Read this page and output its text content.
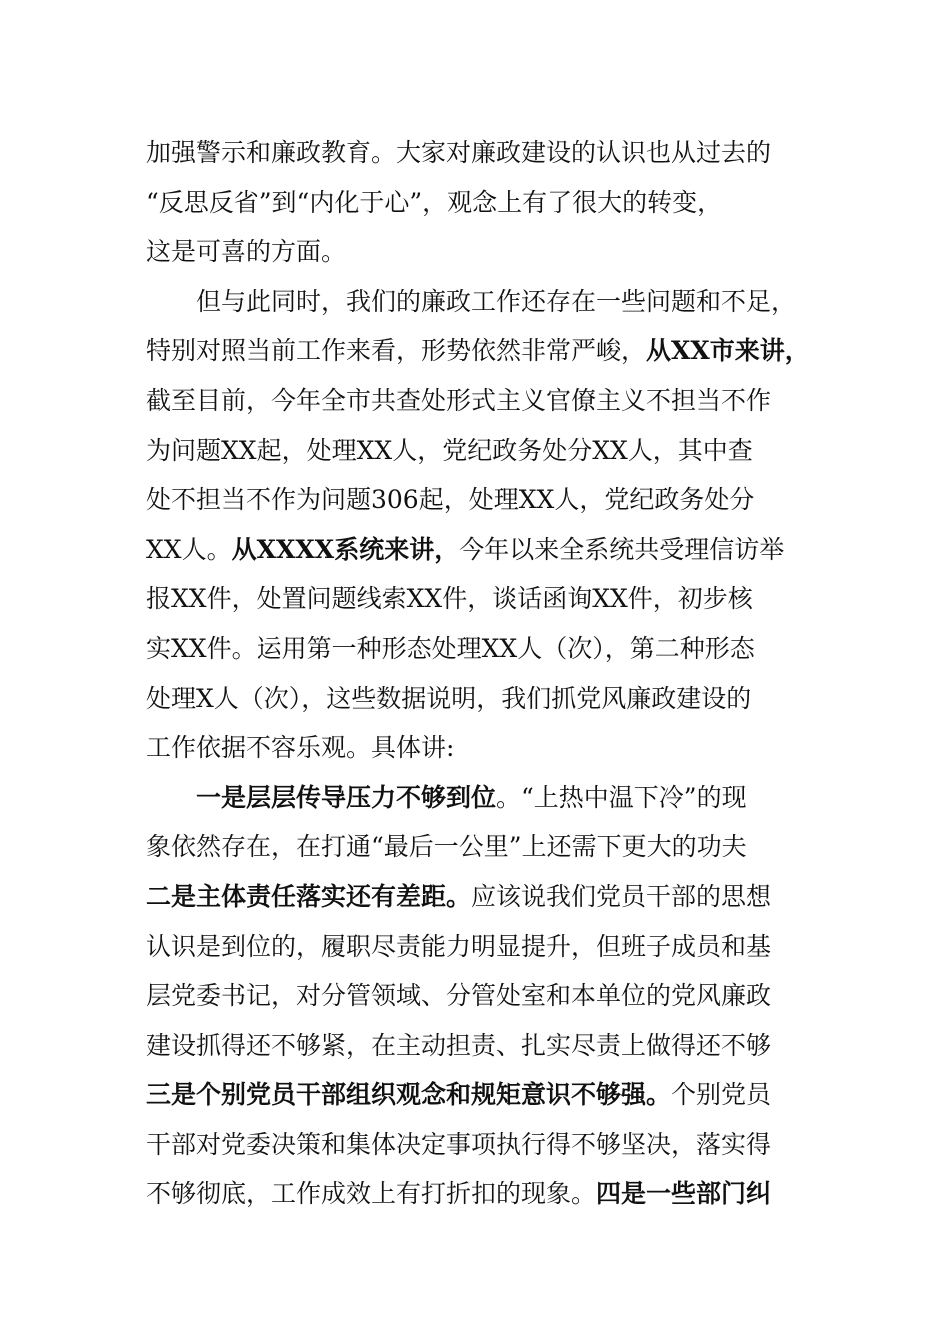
加强警示和廉政教育。大家对廉政建设的认识也从过去的
“反思反省”到“内化于心”，观念上有了很大的转变，
这是可喜的方面。
但与此同时，我们的廉政工作还存在一些问题和不足，
特别对照当前工作来看，形势依然非常严峻，从XX市来讲，
截至目前，今年全市共查处形式主义官僚主义不担当不作
为问题XX起，处理XX人，党纪政务处分XX人，其中查
处不担当不作为问题306起，处理XX人，党纪政务处分
XX人。从XXXX系统来讲，今年以来全系统共受理信访举
报XX件，处置问题线索XX件，谈话函询XX件，初步核
实XX件。运用第一种形态处理XX人（次），第二种形态
处理X人（次），这些数据说明，我们抓党风廉政建设的
工作依据不容乐观。具体讲:
一是层层传导压力不够到位。“上热中温下冷”的现
象依然存在，在打通“最后一公里”上还需下更大的功夫
二是主体责任落实还有差距。应该说我们党员干部的思想
认识是到位的，履职尽责能力明显提升，但班子成员和基
层党委书记，对分管领域、分管处室和本单位的党风廉政
建设抓得还不够紧，在主动担责、扎实尽责上做得还不够
三是个别党员干部组织观念和规矩意识不够强。个别党员
干部对党委决策和集体决定事项执行得不够坚决，落实得
不够彻底，工作成效上有打折扣的现象。四是一些部门纠
